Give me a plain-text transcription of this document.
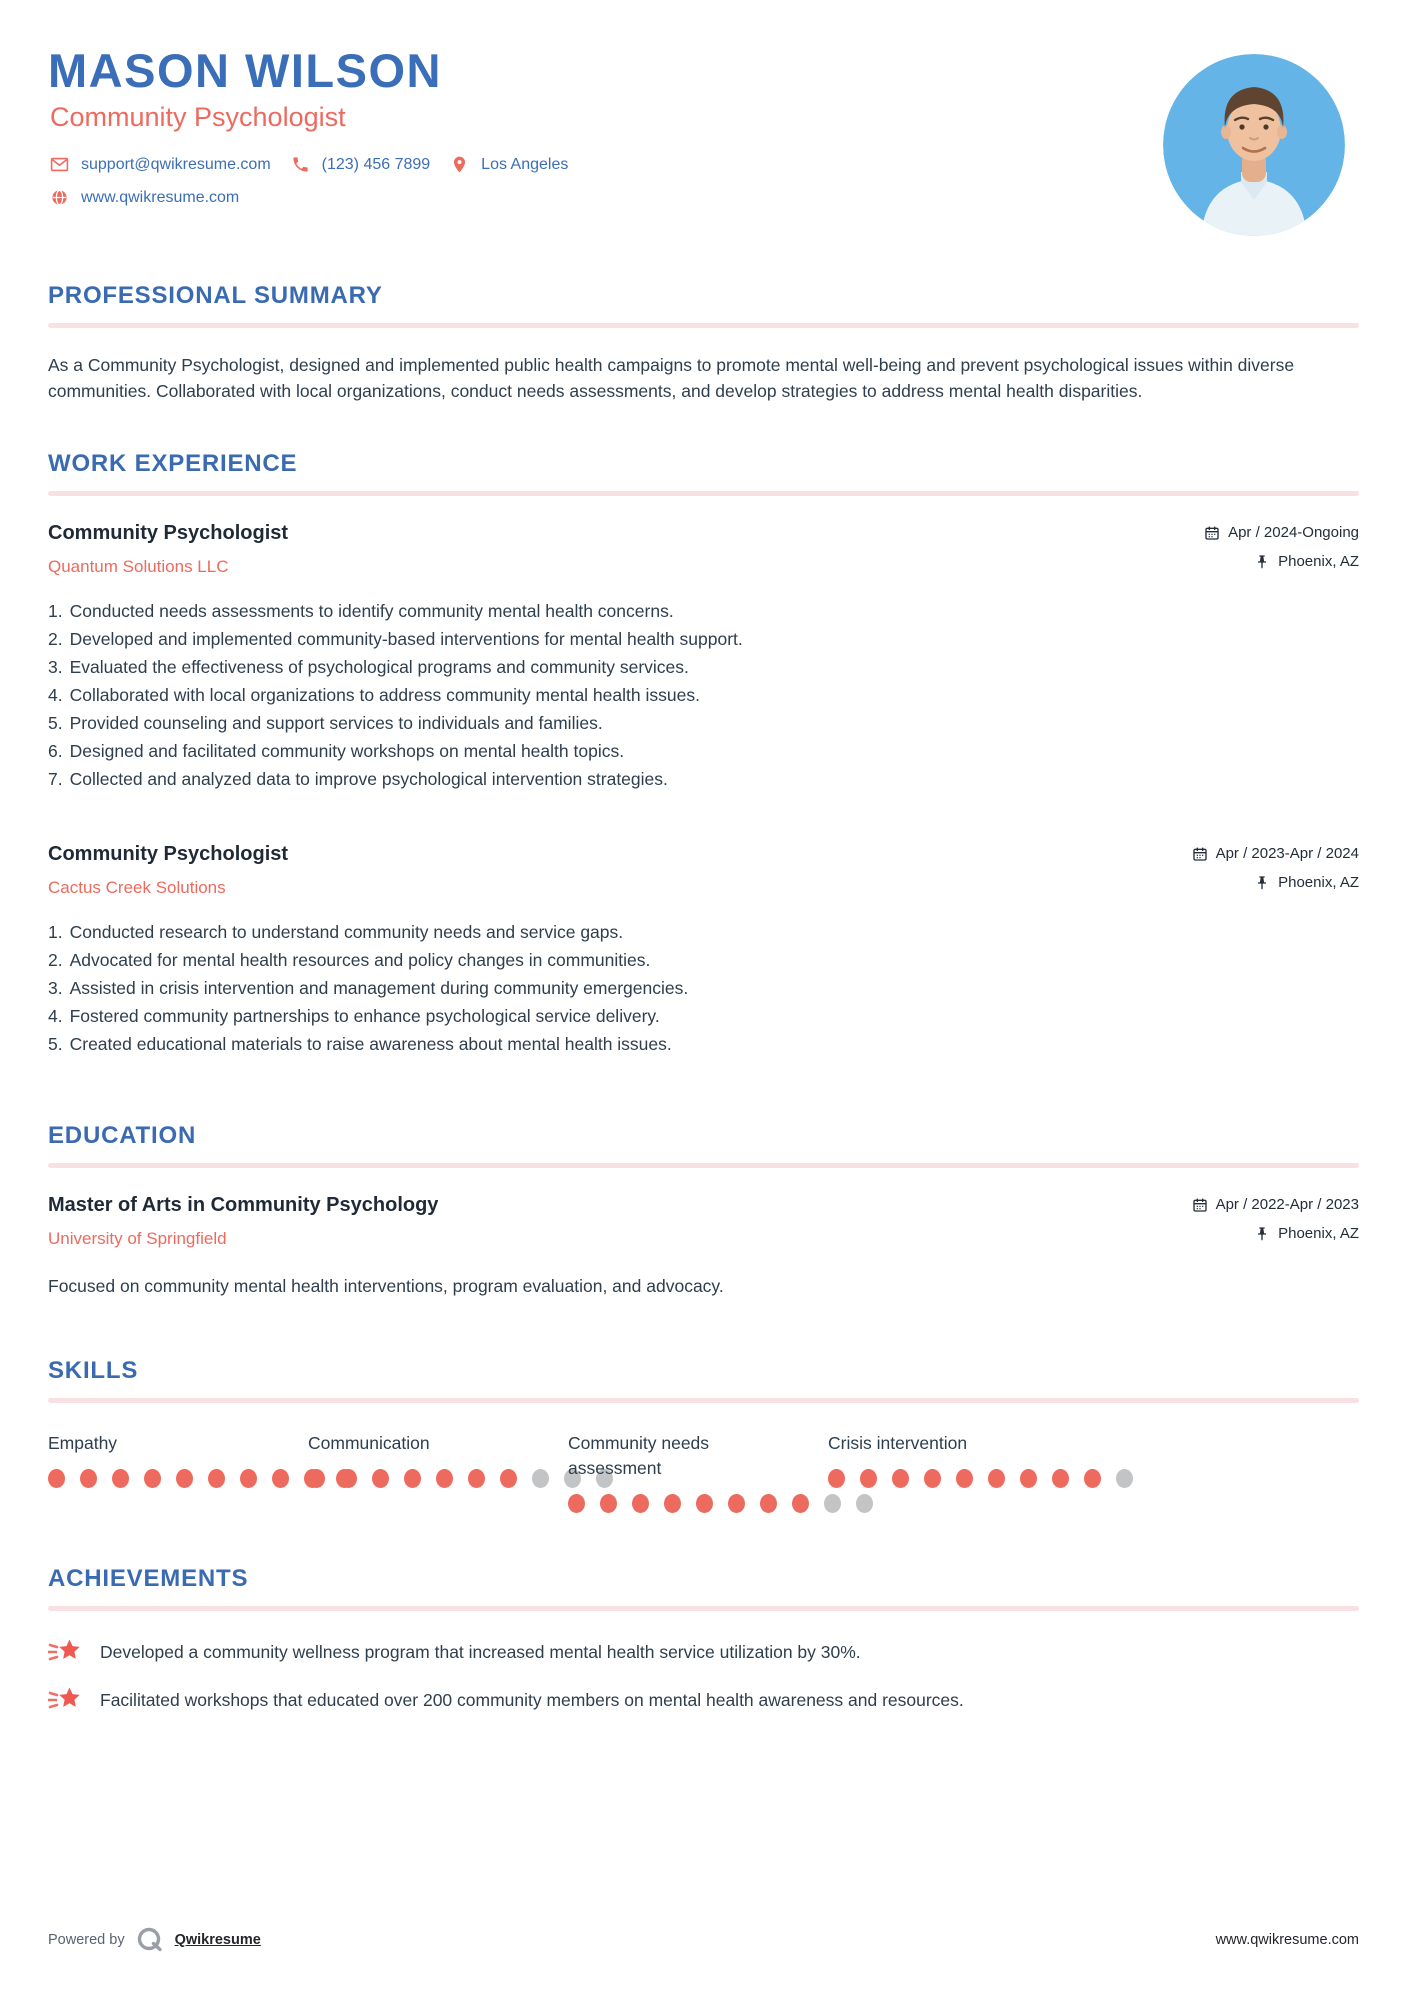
MASON WILSON
Community Psychologist
support@qwikresume.com	(123) 456 7899	Los Angeles
www.qwikresume.com
PROFESSIONAL SUMMARY

As a Community Psychologist, designed and implemented public health campaigns to promote mental well-being and prevent psychological issues within diverse communities. Collaborated with local organizations, conduct needs assessments, and develop strategies to address mental health disparities.

WORK EXPERIENCE
Community Psychologist
Quantum Solutions LLC
Apr / 2024-Ongoing
Phoenix, AZ
1. Conducted needs assessments to identify community mental health concerns.
2. Developed and implemented community-based interventions for mental health support.
3. Evaluated the effectiveness of psychological programs and community services.
4. Collaborated with local organizations to address community mental health issues.
5. Provided counseling and support services to individuals and families.
6. Designed and facilitated community workshops on mental health topics.
7. Collected and analyzed data to improve psychological intervention strategies.
Community Psychologist
Cactus Creek Solutions
Apr / 2023-Apr / 2024
Phoenix, AZ
1. Conducted research to understand community needs and service gaps.
2. Advocated for mental health resources and policy changes in communities.
3. Assisted in crisis intervention and management during community emergencies.
4. Fostered community partnerships to enhance psychological service delivery.
5. Created educational materials to raise awareness about mental health issues.
EDUCATION
Master of Arts in Community Psychology
University of Springfield
Apr / 2022-Apr / 2023
Phoenix, AZ

Focused on community mental health interventions, program evaluation, and advocacy.

SKILLS
Empathy	Communication	Community needs assessment
Crisis intervention
ACHIEVEMENTS
Developed a community wellness program that increased mental health service utilization by 30%.
Facilitated workshops that educated over 200 community members on mental health awareness and resources.
Powered by	Qwikresume	www.qwikresume.com
